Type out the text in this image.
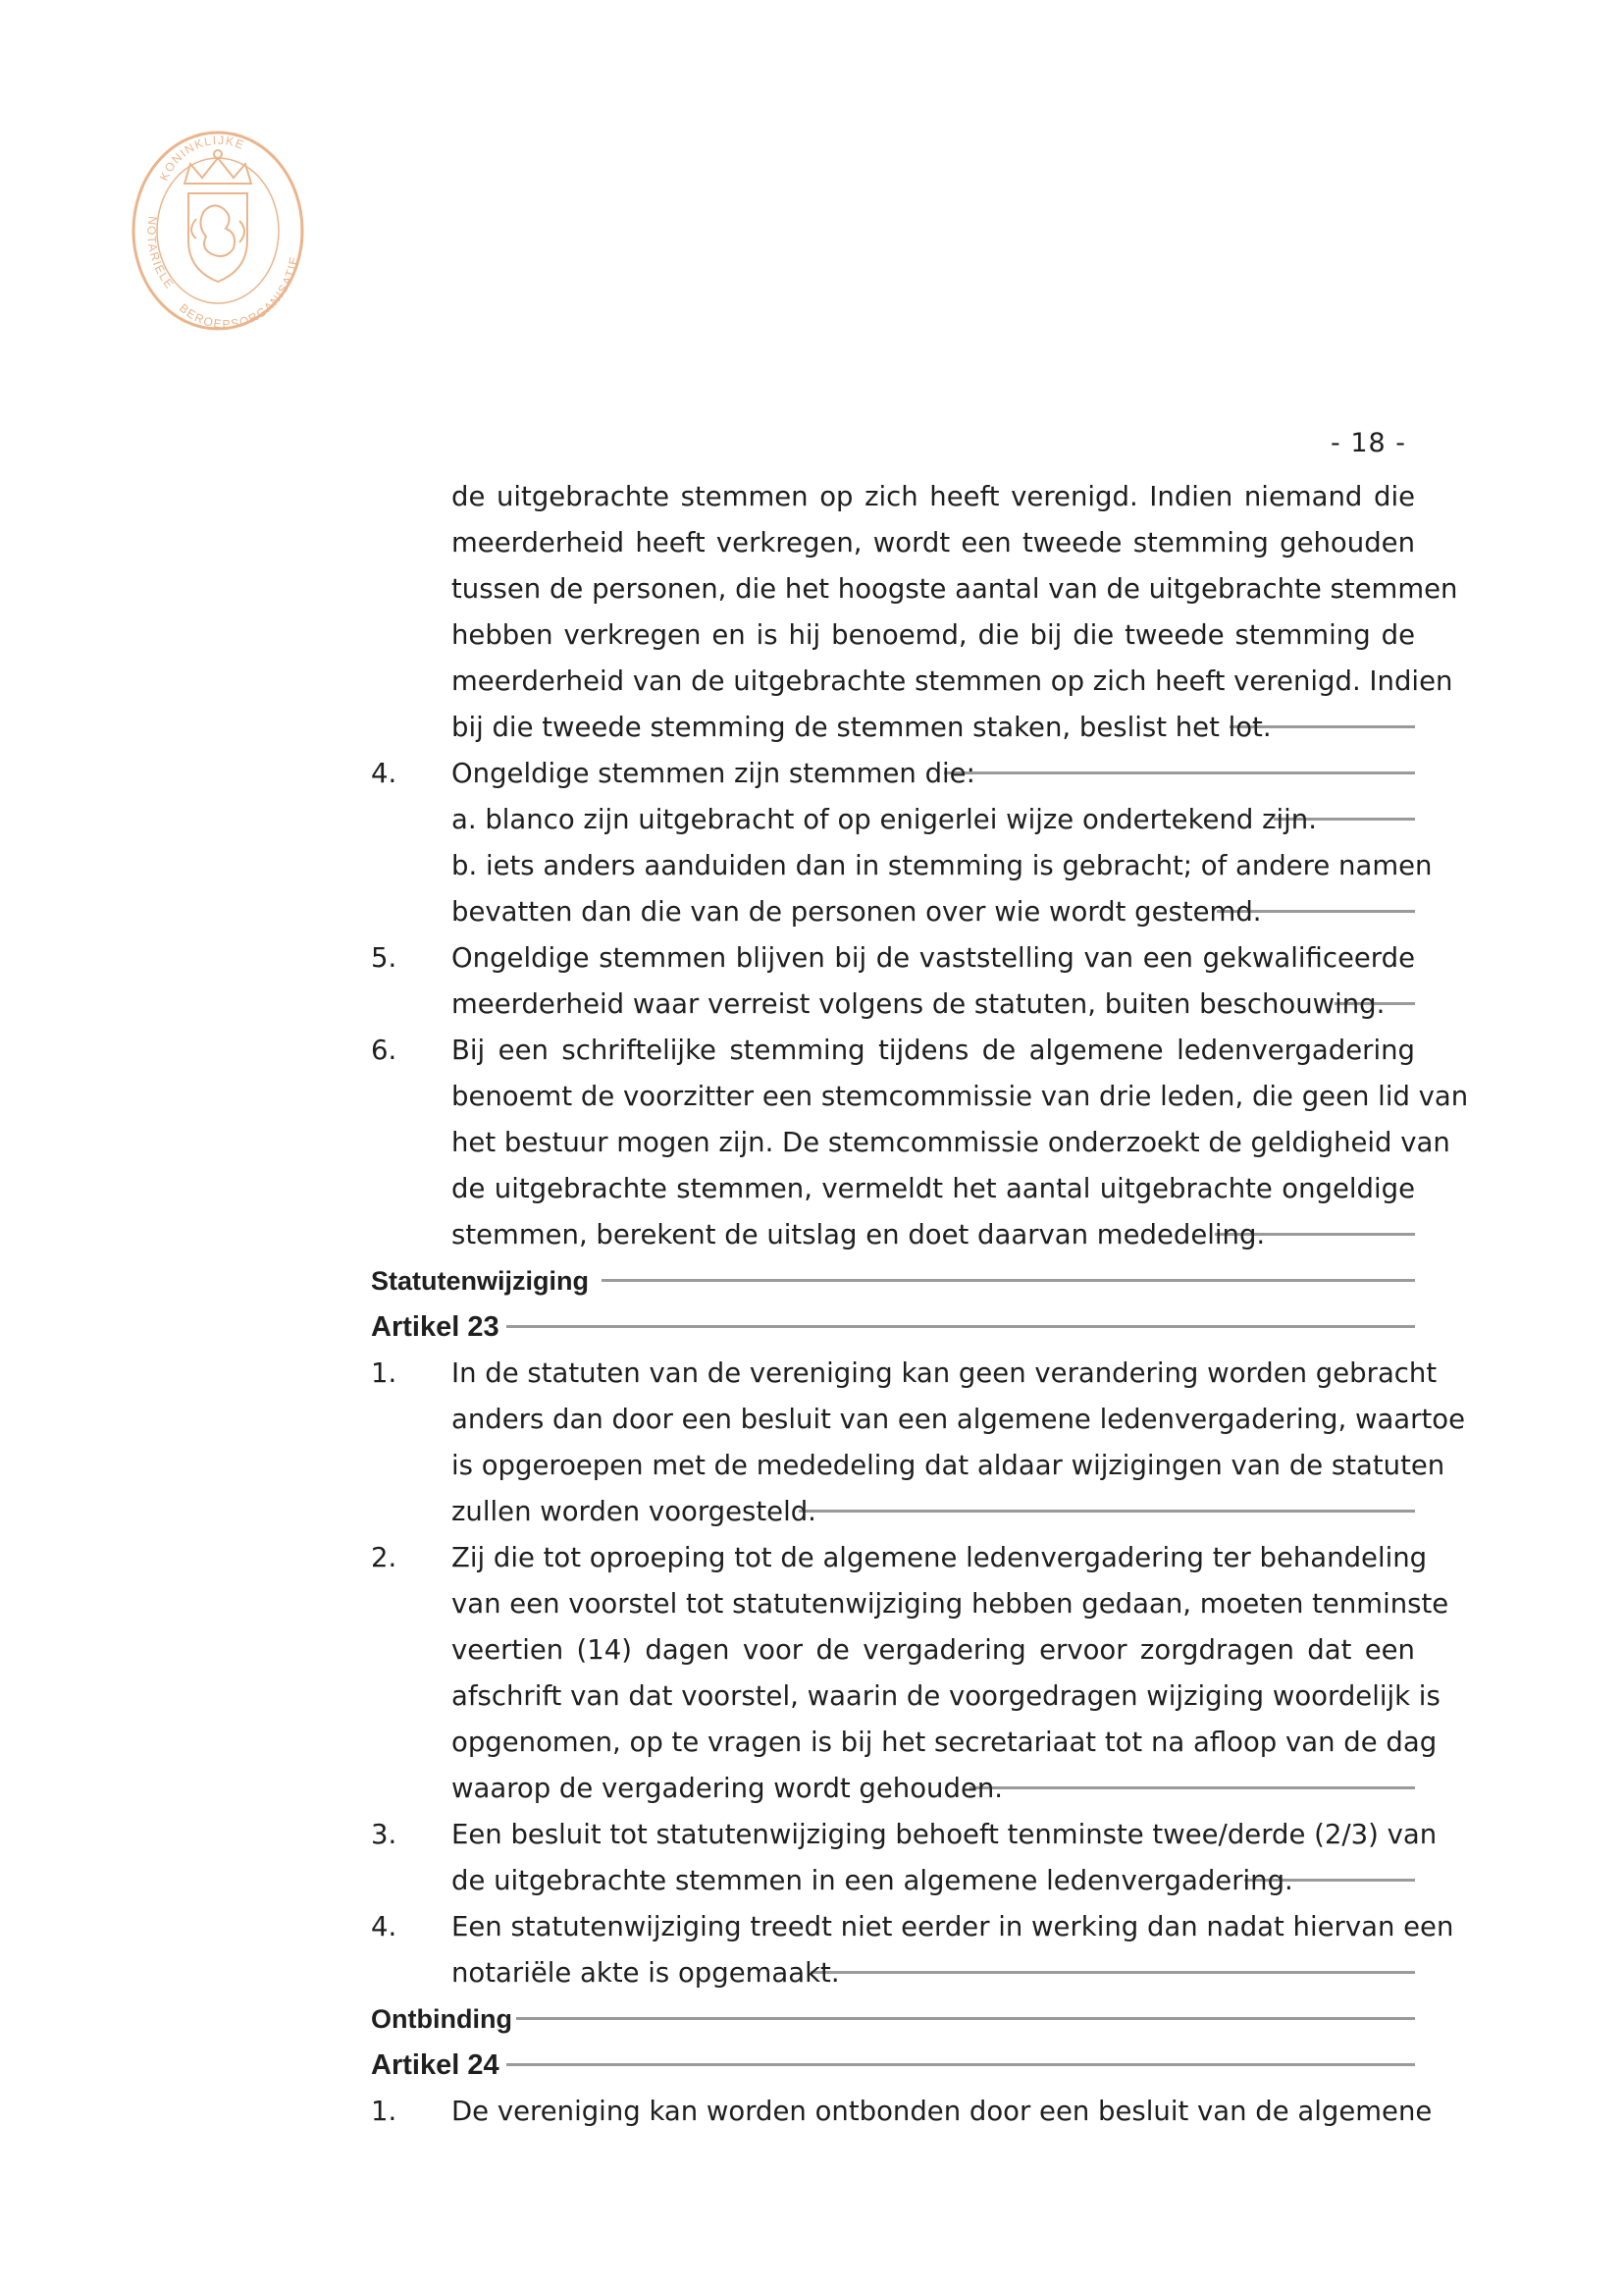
KONINKLIJKE
NOTARIËLE
BEROEPSORGANISATIE
- 18 -
de uitgebrachte stemmen op zich heeft verenigd. Indien niemand die
meerderheid heeft verkregen, wordt een tweede stemming gehouden
tussen de personen, die het hoogste aantal van de uitgebrachte stemmen
hebben verkregen en is hij benoemd, die bij die tweede stemming de
meerderheid van de uitgebrachte stemmen op zich heeft verenigd. Indien
bij die tweede stemming de stemmen staken, beslist het lot.
4. Ongeldige stemmen zijn stemmen die:
a. blanco zijn uitgebracht of op enigerlei wijze ondertekend zijn.
b. iets anders aanduiden dan in stemming is gebracht; of andere namen
bevatten dan die van de personen over wie wordt gestemd.
5. Ongeldige stemmen blijven bij de vaststelling van een gekwalificeerde
meerderheid waar verreist volgens de statuten, buiten beschouwing.
6. Bij een schriftelijke stemming tijdens de algemene ledenvergadering
benoemt de voorzitter een stemcommissie van drie leden, die geen lid van
het bestuur mogen zijn. De stemcommissie onderzoekt de geldigheid van
de uitgebrachte stemmen, vermeldt het aantal uitgebrachte ongeldige
stemmen, berekent de uitslag en doet daarvan mededeling.
Statutenwijziging
Artikel 23
1. In de statuten van de vereniging kan geen verandering worden gebracht
anders dan door een besluit van een algemene ledenvergadering, waartoe
is opgeroepen met de mededeling dat aldaar wijzigingen van de statuten
zullen worden voorgesteld.
2. Zij die tot oproeping tot de algemene ledenvergadering ter behandeling
van een voorstel tot statutenwijziging hebben gedaan, moeten tenminste
veertien (14) dagen voor de vergadering ervoor zorgdragen dat een
afschrift van dat voorstel, waarin de voorgedragen wijziging woordelijk is
opgenomen, op te vragen is bij het secretariaat tot na afloop van de dag
waarop de vergadering wordt gehouden.
3. Een besluit tot statutenwijziging behoeft tenminste twee/derde (2/3) van
de uitgebrachte stemmen in een algemene ledenvergadering.
4. Een statutenwijziging treedt niet eerder in werking dan nadat hiervan een
notariële akte is opgemaakt.
Ontbinding
Artikel 24
1. De vereniging kan worden ontbonden door een besluit van de algemene
